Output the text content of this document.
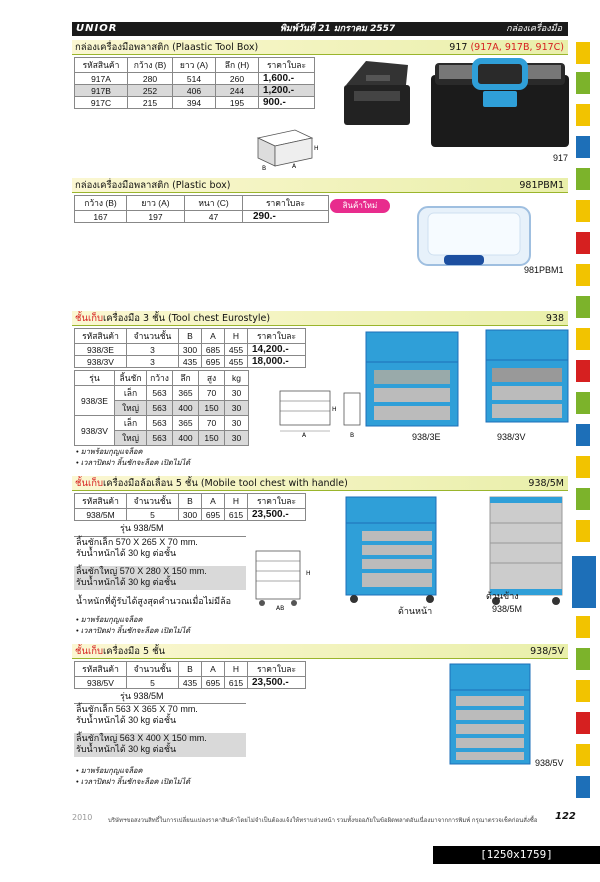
UNIOR	พิมพ์วันที่ 21 มกราคม 2557	กล่องเครื่องมือ
กล่องเครื่องมือพลาสติก (Plaastic Tool Box)	917 (917A, 917B, 917C)
รหัสสินค้า	กว้าง (B)	ยาว (A)	ลึก (H)	ราคาใบละ
917A	280	514	260	1,600.-
917B	252	406	244	1,200.-
917C	215	394	195	900.-
H
B	A
917
กล่องเครื่องมือพลาสติก (Plastic box)	981PBM1
กว้าง (B)	ยาว (A)	หนา (C)	ราคาใบละ
167	197	47	290.-
สินค้าใหม่
981PBM1
ชั้นเก็บเครื่องมือ 3 ชั้น (Tool chest Eurostyle)	938
รหัสสินค้า	จำนวนชั้น	B	A	H	ราคาใบละ
938/3E	3	300	685	455	14,200.-
938/3V	3	435	695	455	18,000.-
รุ่น	ลิ้นชัก	กว้าง	ลึก	สูง	kg
938/3E	เล็ก	563	365	70	30
	ใหญ่	563	400	150	30
938/3V	เล็ก	563	365	70	30
	ใหญ่	563	400	150	30
• มาพร้อมกุญแจล็อค
• เวลาปิดฝา ลิ้นชักจะล็อค เปิดไม่ได้
H
A	B	938/3E	938/3V
ชั้นเก็บเครื่องมือล้อเลื่อน 5 ชั้น (Mobile tool chest with handle)	938/5M
รหัสสินค้า	จำนวนชั้น	B	A	H	ราคาใบละ
938/5M	5	300	695	615	23,500.-
รุ่น 938/5M
ลิ้นชักเล็ก 570 X 265 X 70 mm.
รับน้ำหนักได้ 30 kg ต่อชั้น
ลิ้นชักใหญ่ 570 X 280 X 150 mm.
รับน้ำหนักได้ 30 kg ต่อชั้น
น้ำหนักที่ตู้รับได้สูงสุดคำนวณเมื่อไม่มีล้อ
• มาพร้อมกุญแจล็อค
• เวลาปิดฝา ลิ้นชักจะล็อค เปิดไม่ได้
H
AB	ด้านหน้า
ด้านข้าง
938/5M
ชั้นเก็บเครื่องมือ 5 ชั้น	938/5V
รหัสสินค้า	จำนวนชั้น	B	A	H	ราคาใบละ
938/5V	5	435	695	615	23,500.-
รุ่น 938/5M
ลิ้นชักเล็ก 563 X 365 X 70 mm.
รับน้ำหนักได้ 30 kg ต่อชั้น
ลิ้นชักใหญ่ 563 X 400 X 150 mm.
รับน้ำหนักได้ 30 kg ต่อชั้น
• มาพร้อมกุญแจล็อค
• เวลาปิดฝา ลิ้นชักจะล็อค เปิดไม่ได้
938/5V
2010	บริษัทฯขอสงวนสิทธิ์ในการเปลี่ยนแปลงราคาสินค้าโดยไม่จำเป็นต้องแจ้งให้ทราบล่วงหน้า รวมทั้งขออภัยในข้อผิดพลาดอันเนื่องมาจากการพิมพ์ กรุณาตรวจเช็คก่อนสั่งซื้อ 122
[1250x1759] http://upic.me/
